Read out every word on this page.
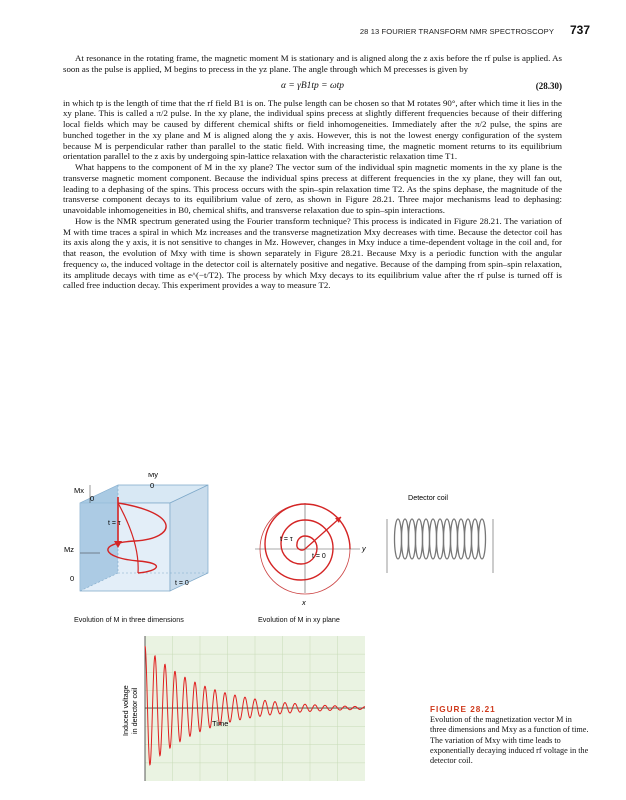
28 13 FOURIER TRANSFORM NMR SPECTROSCOPY 737

At resonance in the rotating frame, the magnetic moment M is stationary and is aligned along the z axis before the rf pulse is applied. As soon as the pulse is applied, M begins to precess in the yz plane. The angle through which M precesses is given by

α = γB1tp = ωtp	(28.30)

in which tp is the length of time that the rf field B1 is on. The pulse length can be chosen so that M rotates 90°, after which time it lies in the xy plane. This is called a π/2 pulse. In the xy plane, the individual spins precess at slightly different frequencies because of their differing local fields which may be caused by different chemical shifts or field inhomogeneities. Immediately after the π/2 pulse, the spins are bunched together in the xy plane and M is aligned along the y axis. However, this is not the lowest energy configuration of the system because M is perpendicular rather than parallel to the static field. With increasing time, the magnetic moment returns to its equilibrium orientation parallel to the z axis by undergoing spin-lattice relaxation with the characteristic relaxation time T1.

What happens to the component of M in the xy plane? The vector sum of the individual spin magnetic moments in the xy plane is the transverse magnetic moment component. Because the individual spins precess at different frequencies in the xy plane, they will fan out, leading to a dephasing of the spins. This process occurs with the spin–spin relaxation time T2. As the spins dephase, the magnitude of the transverse component decays to its equilibrium value of zero, as shown in Figure 28.21. Three major mechanisms lead to dephasing: unavoidable inhomogeneities in B0, chemical shifts, and transverse relaxation due to spin–spin interactions.

How is the NMR spectrum generated using the Fourier transform technique? This process is indicated in Figure 28.21. The variation of M with time traces a spiral in which Mz increases and the transverse magnetization Mxy decreases with time. Because the detector coil has its axis along the y axis, it is not sensitive to changes in Mz. However, changes in Mxy induce a time-dependent voltage in the coil and, for that reason, the evolution of Mxy with time is shown separately in Figure 28.21. Because Mxy is a periodic function with the angular frequency ω, the induced voltage in the detector coil is alternately positive and negative. Because of the damping from spin–spin relaxation, its amplitude decays with time as e^(−t/T2). The process by which Mxy decays to its equilibrium value after the rf pulse is turned off is called free induction decay. This experiment provides a way to measure T2.

Mx
0
My
0
t = τ
Mz
0
t = 0
t = τ
t = 0
y
x
Detector coil
Evolution of M in three dimensions	Evolution of M in xy plane
Time
Induced voltage in detector coil	FIGURE 28.21
Evolution of the magnetization vector M in three dimensions and Mxy as a function of time. The variation of Mxy with time leads to exponentially decaying induced rf voltage in the detector coil.
